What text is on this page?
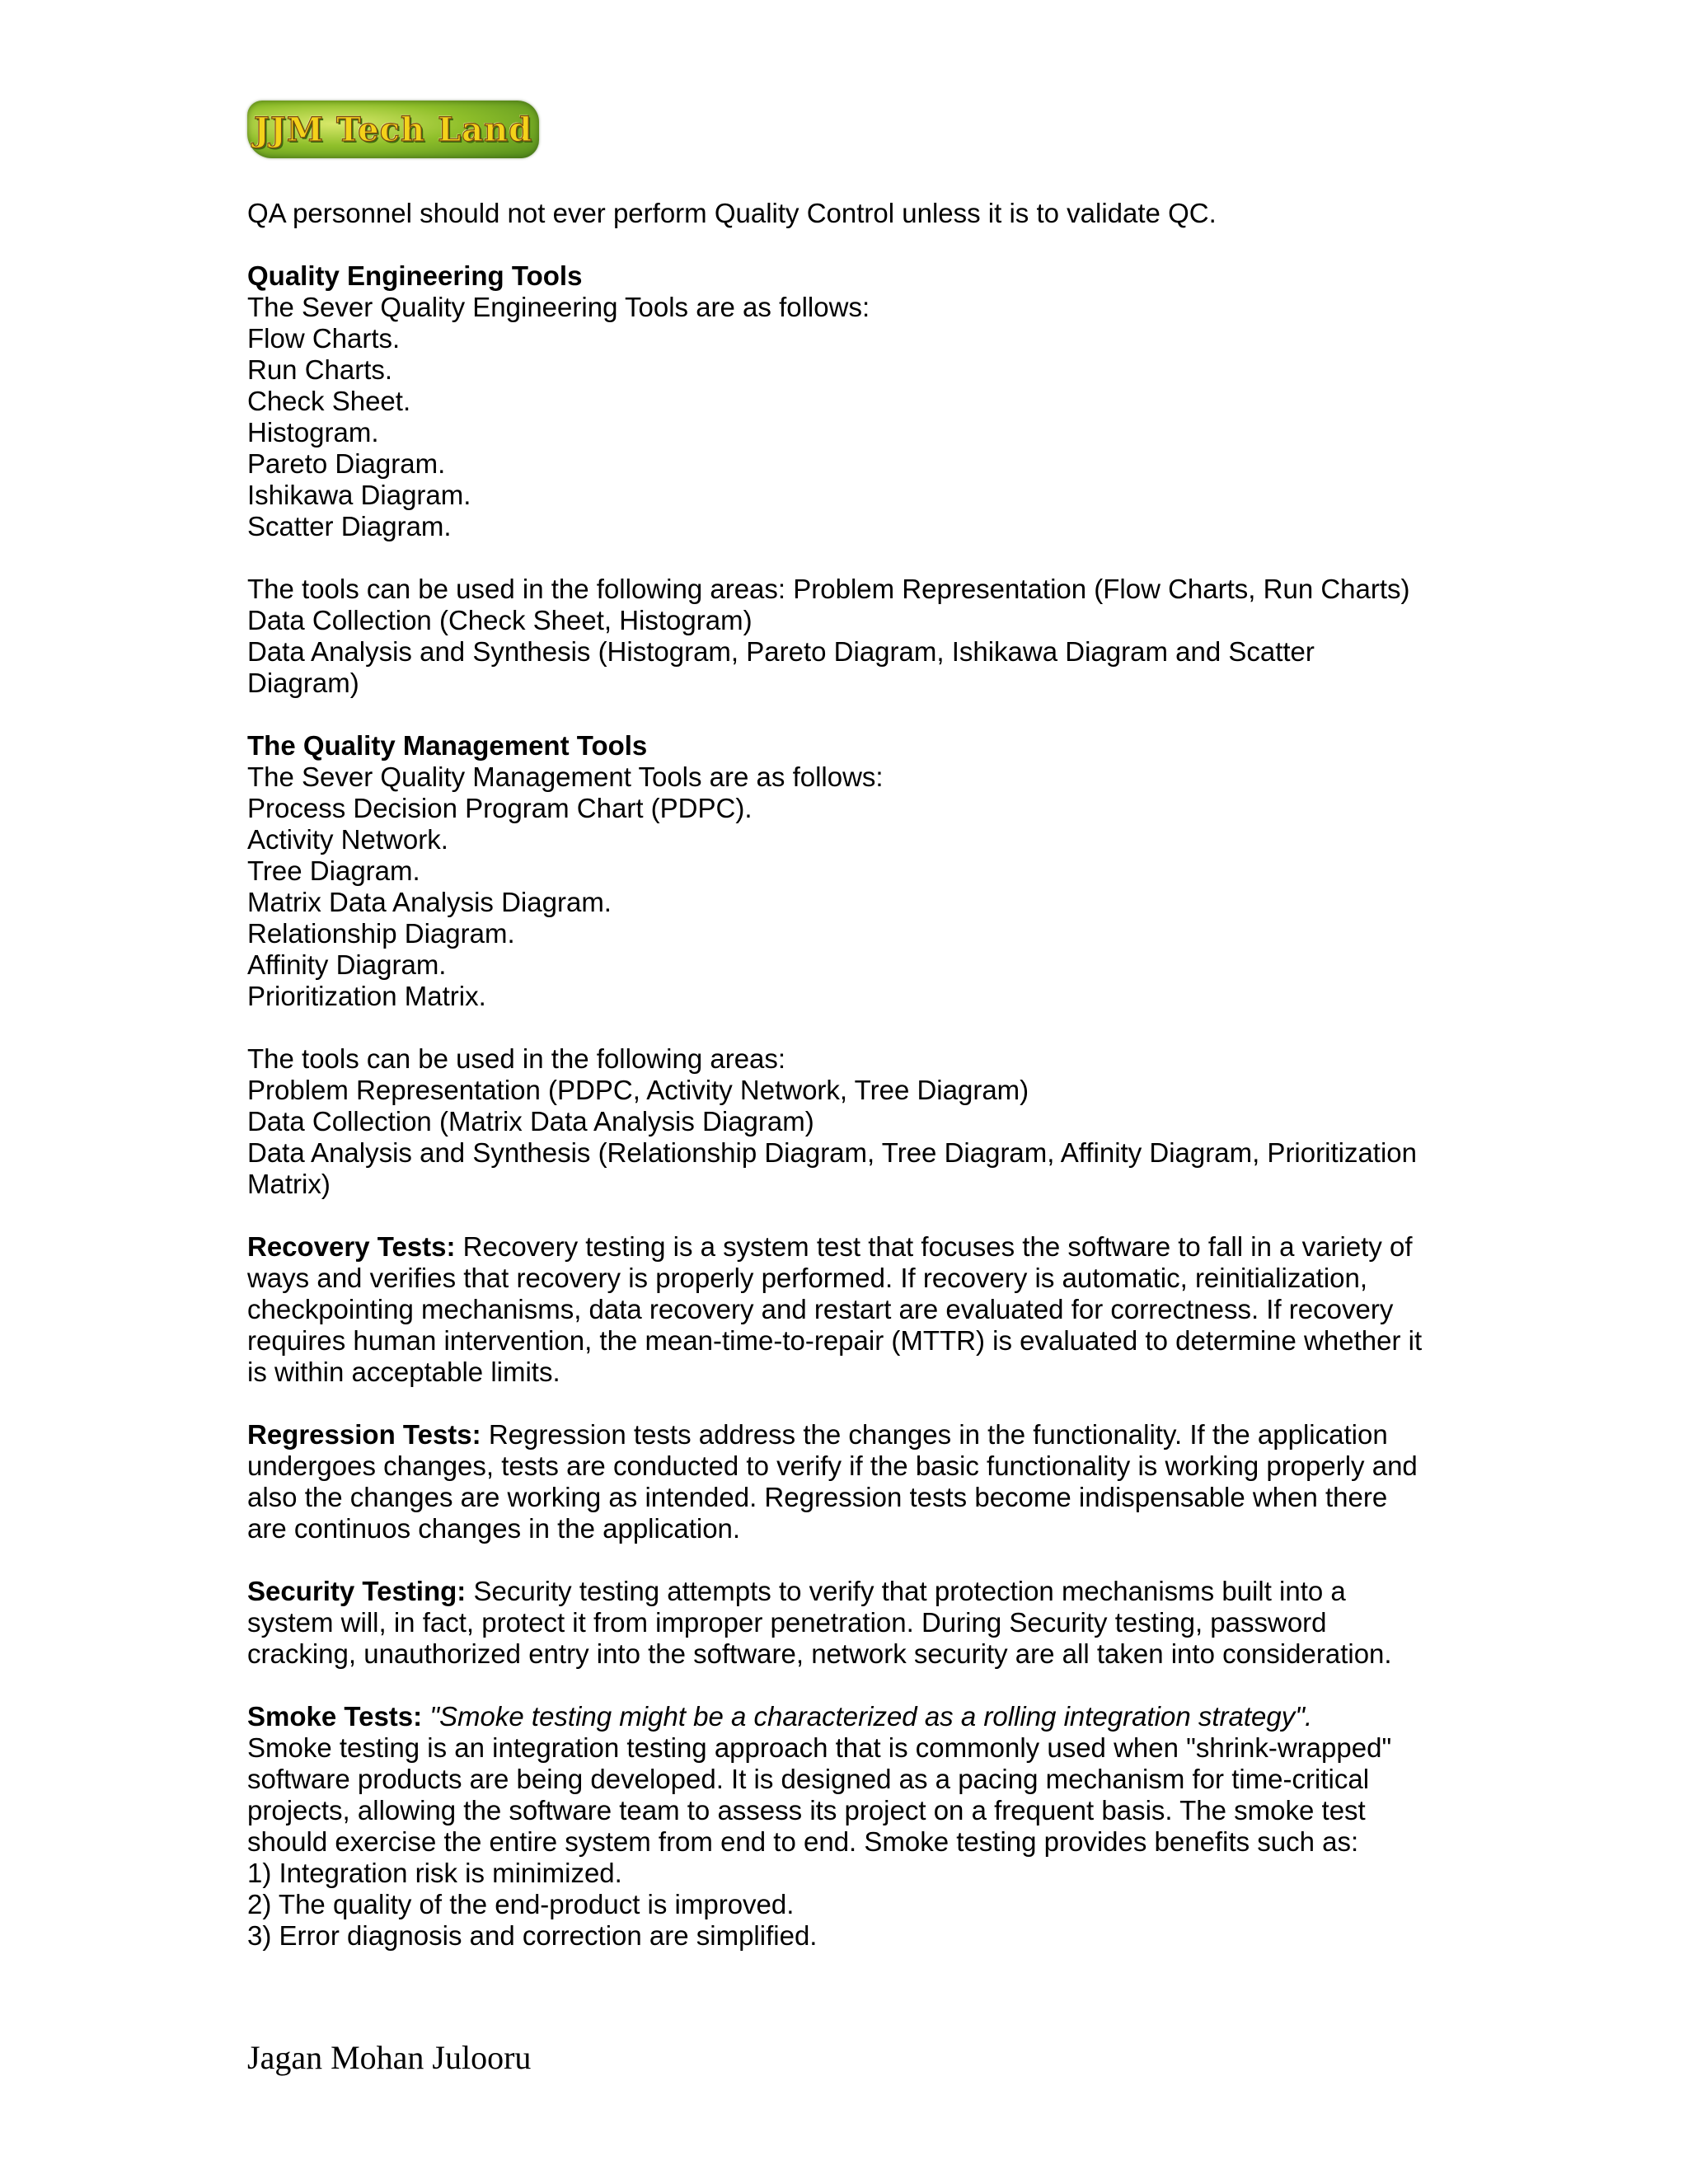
JJM Tech Land
QA personnel should not ever perform Quality Control unless it is to validate QC.
Quality Engineering Tools
The Sever Quality Engineering Tools are as follows:
Flow Charts.
Run Charts.
Check Sheet.
Histogram.
Pareto Diagram.
Ishikawa Diagram.
Scatter Diagram.
The tools can be used in the following areas: Problem Representation (Flow Charts, Run Charts)
Data Collection (Check Sheet, Histogram)
Data Analysis and Synthesis (Histogram, Pareto Diagram, Ishikawa Diagram and Scatter
Diagram)
The Quality Management Tools
The Sever Quality Management Tools are as follows:
Process Decision Program Chart (PDPC).
Activity Network.
Tree Diagram.
Matrix Data Analysis Diagram.
Relationship Diagram.
Affinity Diagram.
Prioritization Matrix.
The tools can be used in the following areas:
Problem Representation (PDPC, Activity Network, Tree Diagram)
Data Collection (Matrix Data Analysis Diagram)
Data Analysis and Synthesis (Relationship Diagram, Tree Diagram, Affinity Diagram, Prioritization
Matrix)
Recovery Tests: Recovery testing is a system test that focuses the software to fall in a variety of
ways and verifies that recovery is properly performed. If recovery is automatic, reinitialization,
checkpointing mechanisms, data recovery and restart are evaluated for correctness. If recovery
requires human intervention, the mean-time-to-repair (MTTR) is evaluated to determine whether it
is within acceptable limits.
Regression Tests: Regression tests address the changes in the functionality. If the application
undergoes changes, tests are conducted to verify if the basic functionality is working properly and
also the changes are working as intended. Regression tests become indispensable when there
are continuos changes in the application.
Security Testing: Security testing attempts to verify that protection mechanisms built into a
system will, in fact, protect it from improper penetration. During Security testing, password
cracking, unauthorized entry into the software, network security are all taken into consideration.
Smoke Tests: "Smoke testing might be a characterized as a rolling integration strategy".
Smoke testing is an integration testing approach that is commonly used when "shrink-wrapped"
software products are being developed. It is designed as a pacing mechanism for time-critical
projects, allowing the software team to assess its project on a frequent basis. The smoke test
should exercise the entire system from end to end. Smoke testing provides benefits such as:
1) Integration risk is minimized.
2) The quality of the end-product is improved.
3) Error diagnosis and correction are simplified.
Jagan Mohan Julooru
